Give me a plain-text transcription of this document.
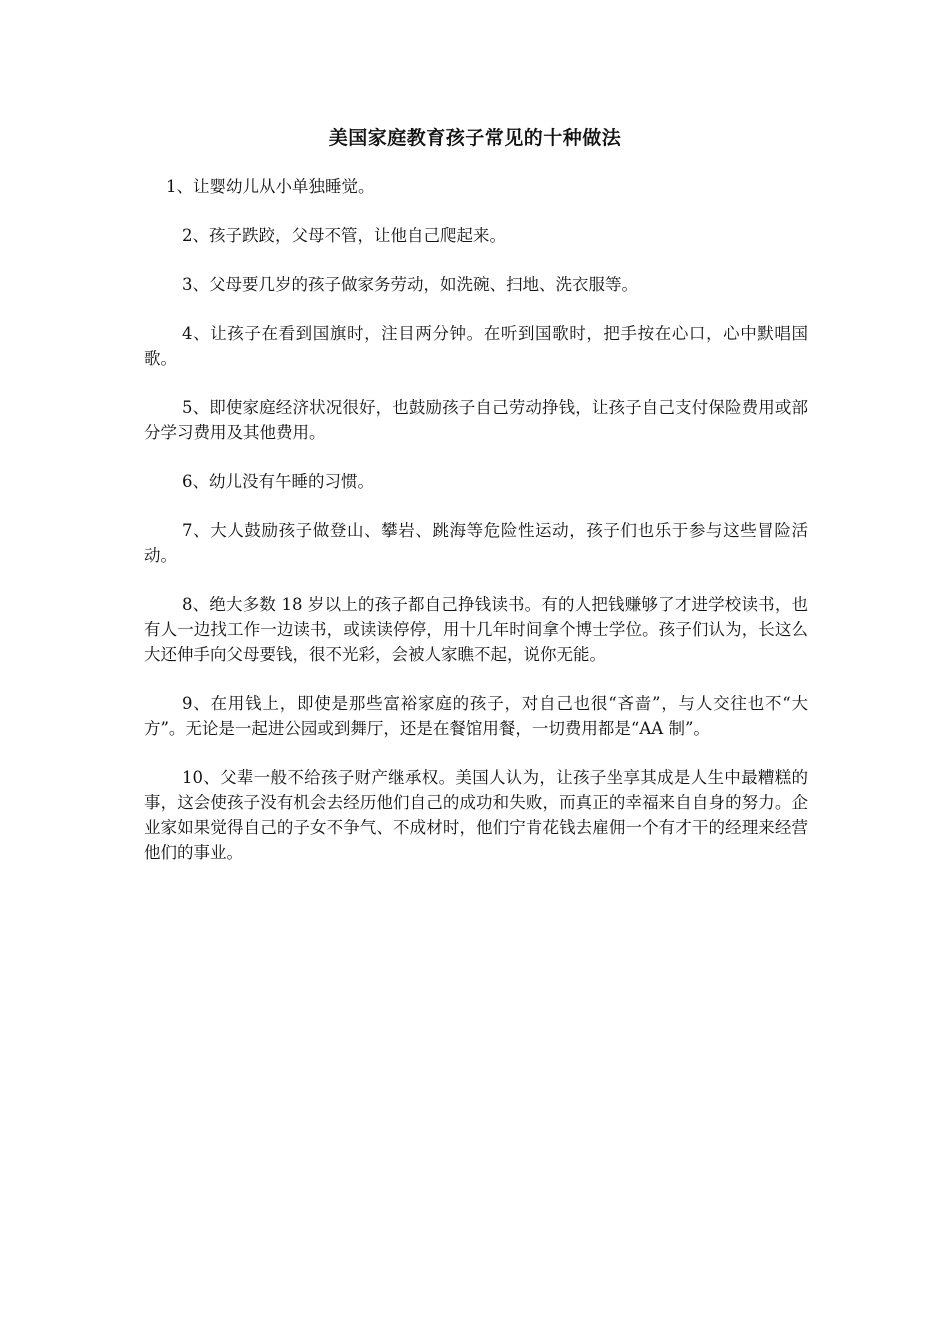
美国家庭教育孩子常见的十种做法

1、让婴幼儿从小单独睡觉。

2、孩子跌跤，父母不管，让他自己爬起来。

3、父母要几岁的孩子做家务劳动，如洗碗、扫地、洗衣服等。

4、让孩子在看到国旗时，注目两分钟。在听到国歌时，把手按在心口，心中默唱国歌。

5、即使家庭经济状况很好，也鼓励孩子自己劳动挣钱，让孩子自己支付保险费用或部分学习费用及其他费用。

6、幼儿没有午睡的习惯。

7、大人鼓励孩子做登山、攀岩、跳海等危险性运动，孩子们也乐于参与这些冒险活动。

8、绝大多数 18 岁以上的孩子都自己挣钱读书。有的人把钱赚够了才进学校读书，也有人一边找工作一边读书，或读读停停，用十几年时间拿个博士学位。孩子们认为，长这么大还伸手向父母要钱，很不光彩，会被人家瞧不起，说你无能。

9、在用钱上，即使是那些富裕家庭的孩子，对自己也很“吝啬”，与人交往也不“大方”。无论是一起进公园或到舞厅，还是在餐馆用餐，一切费用都是“AA 制”。

10、父辈一般不给孩子财产继承权。美国人认为，让孩子坐享其成是人生中最糟糕的事，这会使孩子没有机会去经历他们自己的成功和失败，而真正的幸福来自自身的努力。企业家如果觉得自己的子女不争气、不成材时，他们宁肯花钱去雇佣一个有才干的经理来经营他们的事业。
